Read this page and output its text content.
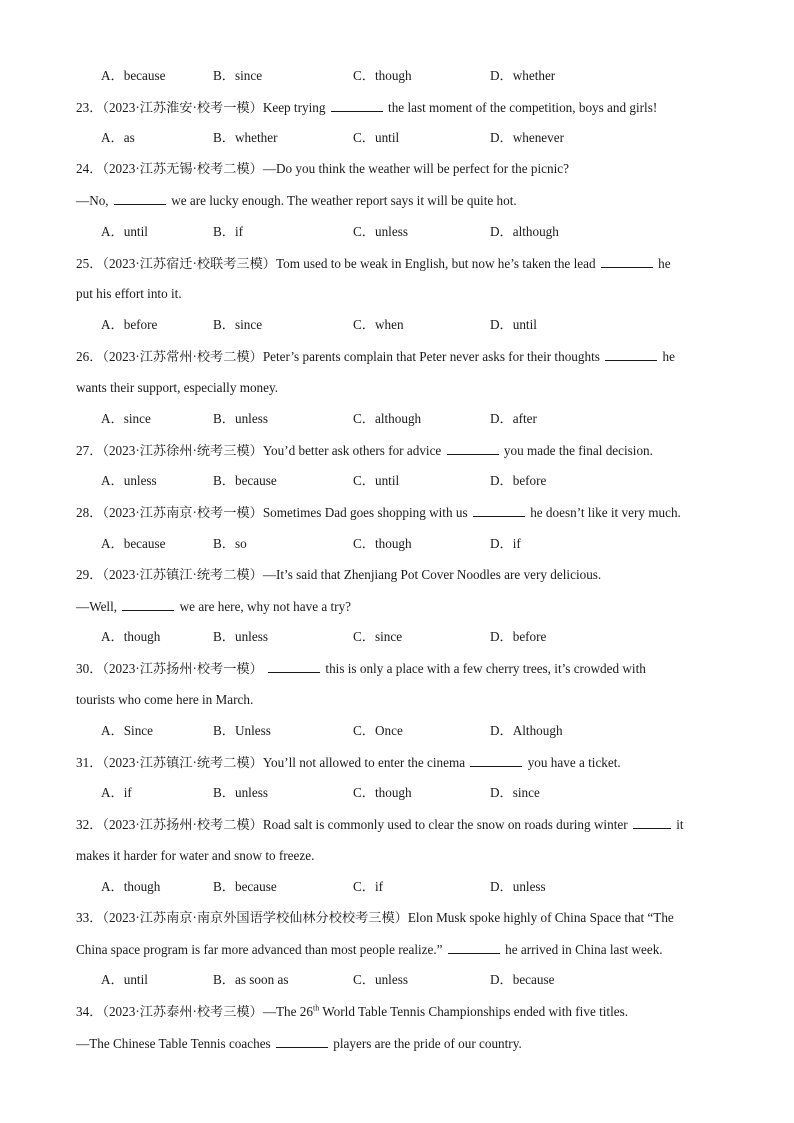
A．because	B．since	C．though	D．whether
23．（2023·江苏淮安·校考一模）Keep trying	the last moment of the competition, boys and girls!
A．as	B．whether	C．until	D．whenever
24．（2023·江苏无锡·校考二模）—Do you think the weather will be perfect for the picnic?
—No,	we are lucky enough. The weather report says it will be quite hot.
A．until	B．if	C．unless	D．although
25．（2023·江苏宿迁·校联考三模）Tom used to be weak in English, but now he’s taken the lead	he
put his effort into it.
A．before	B．since	C．when	D．until
26．（2023·江苏常州·校考二模）Peter’s parents complain that Peter never asks for their thoughts	he
wants their support, especially money.
A．since	B．unless	C．although	D．after
27．（2023·江苏徐州·统考三模）You’d better ask others for advice	you made the final decision.
A．unless	B．because	C．until	D．before
28．（2023·江苏南京·校考一模）Sometimes Dad goes shopping with us	he doesn’t like it very much.
A．because	B．so	C．though	D．if
29．（2023·江苏镇江·统考二模）—It’s said that Zhenjiang Pot Cover Noodles are very delicious.
—Well,	we are here, why not have a try?
A．though	B．unless	C．since	D．before
30．（2023·江苏扬州·校考一模）	this is only a place with a few cherry trees, it’s crowded with
tourists who come here in March.
A．Since	B．Unless	C．Once	D．Although
31．（2023·江苏镇江·统考二模）You’ll not allowed to enter the cinema	you have a ticket.
A．if	B．unless	C．though	D．since
32．（2023·江苏扬州·校考二模）Road salt is commonly used to clear the snow on roads during winter	it
makes it harder for water and snow to freeze.
A．though	B．because	C．if	D．unless
33．（2023·江苏南京·南京外国语学校仙林分校校考三模）Elon Musk spoke highly of China Space that “The
China space program is far more advanced than most people realize.”	he arrived in China last week.
A．until	B．as soon as	C．unless	D．because
34．（2023·江苏泰州·校考三模）—The 26th World Table Tennis Championships ended with five titles.
—The Chinese Table Tennis coaches	players are the pride of our country.
